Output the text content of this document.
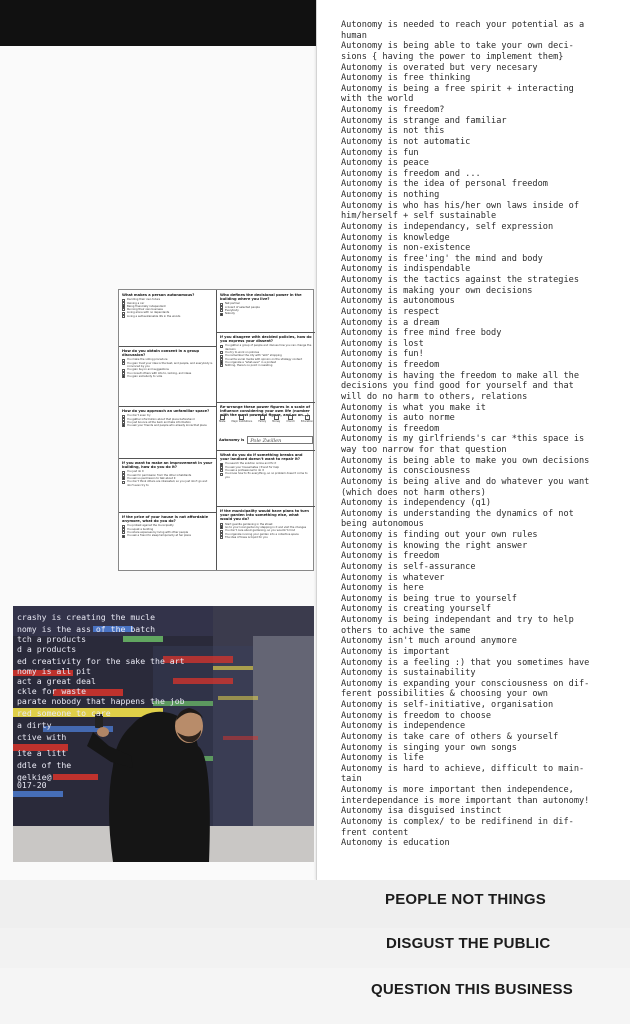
Autonomy is needed to reach your potential as a
human
Autonomy is being able to take your own deci-
sions { having the power to implement them}
Autonomy is overated but very necesary
Autonomy is free thinking
Autonomy is being a free spirit + interacting
with the world
Autonomy is freedom?
Autonomy is strange and familiar
Autonomy is not this
Autonomy is not automatic
Autonomy is fun
Autonomy is peace
Autonomy is freedom and ...
Autonomy is the idea of personal freedom
Autonomy is nothing
Autonomy is who has his/her own laws inside of
him/herself + self sustainable
Autonomy is independancy, self expression
Autonomy is knowledge
Autonomy is non-existence
Autonomy is free'ing' the mind and body
Autonomy is indispendable
Autonomy is the tactics against the strategies
Autonomy is making your own decisions
Autonomy is autonomous
Autonomy is respect
Autonomy is a dream
Autonomy is free mind free body
Autonomy is lost
Autonomy is fun!
Autonomy is freedom
Autonomy is having the freedom to make all the
decisions you find good for yourself and that
will do no harm to others, relations
Autonomy is what you make it
Autonomy is auto norme
Autonomy is freedom
Autonomy is my girlfriends's car *this space is
way too narrow for that question
Autonomy is being able to make you own decisions
Autonomy is consciousness
Autonomy is being alive and do whatever you want
(which does not harm others)
Autonomy is independency (q1)
Autonomy is understanding the dynamics of not
being autonomous
Autonomy is finding out your own rules
Autonomy is knowing the right answer
Autonomy is freedom
Autonomy is self-assurance
Autonomy is whatever
Autonomy is here
Autonomy is being true to yourself
Autonomy is creating yourself
Autonomy is being independant and try to help
others to achive the same
Autonomy isn't much around anymore
Autonomy is important
Autonomy is a feeling :) that you sometimes have
Autonomy is sustainability
Autonomy is expanding your consciousness on dif-
ferent possibilities & choosing your own
Autonomy is self-initiative, organisation
Autonomy is freedom to choose
Autonomy is independence
Autonomy is take care of others & yourself
Autonomy is singing your own songs
Autonomy is life
Autonomy is hard to achieve, difficult to main-
tain
Autonomy is more important then independence,
interdependance is more important than autonomy!
Autonomy isa disguised instinct
Autonomy is complex/ to be redifinend in dif-
frent content
Autonomy is education
What makes a person autonomous?
Deciding their own future
Owning a car
Being financially independent
Running their own business
Living alone with no dependants
Living a self-sustainable life in the woods
How do you obtain consent in a group discussion?
You make the voting procedure
You gain trust your idea is the best, and people, and everybody is convinced by you
You gain buy-in and suggestions
You consult others with lots to, lacking, and ideas
You gain somebody to vote
How do you approach an unfamiliar space?
You don't even try
You gather information about that place beforehand
You just bounce at the back and take information
You ask your friends and people who already know that place
If you want to make an improvement in your building, how do you do it?
You just do it
You ask for permission from the other inhabitants
You ask us permission to talk about it
You don't think others are interested, so you just don't go and don't even try to
If the price of your house is not affordable anymore, what do you do?
You protest against the municipality
You squat a building
You share expenses by living with other people
You ask a friend to sleep temporarily at her place
Who defines the decisional power in the building where you live?
Net partner
A board of selected people
Everybody
Nobody
If you disagree with decided policies, how do you express your dissent?
You gather a group of people and discuss how you can change the decision
You try to work on policies
You remember the city with "skill" shopping
You write social media with opinion on the strategy content
You organize a "what-ever" in a protest
Nothing, there's no point in resisting
Re-arrange these power figures in a scale of influence considering your own life (number with the most powerful figure, and so on...)
What do you do if something breaks and your landlord doesn't want to repair it?
You search the solution online and fix it
You ask your housemates / friend for help
You ask a professional to do it
You know how to fix everything, so no problem doesn't come to you
If the municipality would have plans to turn your garden into something else, what would you do?
Start guerilla gardening in the street
Go to your local garden by stepping in it and visit the changes
You don't care about gardening, so you wouldn't mind
You organize running your garden into a collective space
The idea of trees is liquid for you
State	Major Institutions	Family	Money	Church	Education
Autonomy is	Pole Zwillen
crashy is creating the mucle
nomy is the ass of the batch
tch a products
d a products
ed creativity for the sake the art
nomy is all pit
act a great deal
ckle for waste
parate nobody that happens the job
red someone to care
a dirty
ctive with
ite a litt
ddle of the
gelkie@
017-20
PEOPLE NOT THINGS
DISGUST THE PUBLIC
QUESTION THIS BUSINESS
